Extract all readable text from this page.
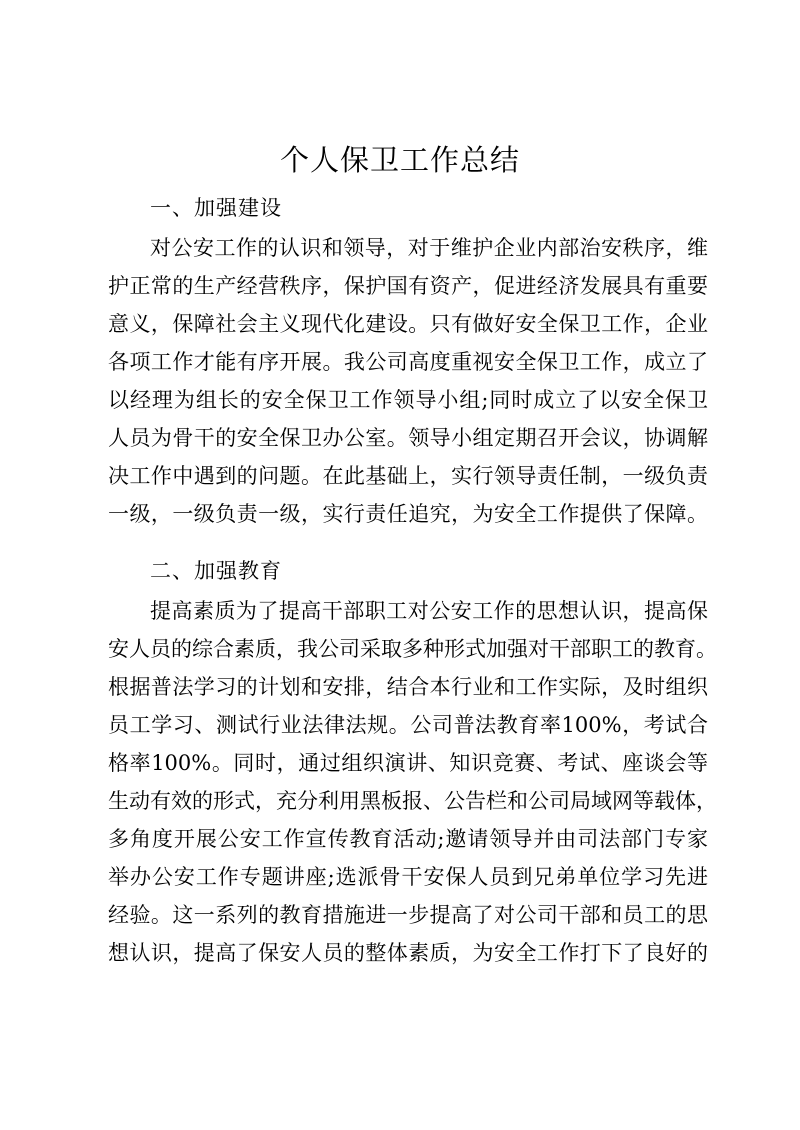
个人保卫工作总结
一、加强建设
对公安工作的认识和领导，对于维护企业内部治安秩序，维
护正常的生产经营秩序，保护国有资产，促进经济发展具有重要
意义，保障社会主义现代化建设。只有做好安全保卫工作，企业
各项工作才能有序开展。我公司高度重视安全保卫工作，成立了
以经理为组长的安全保卫工作领导小组;同时成立了以安全保卫
人员为骨干的安全保卫办公室。领导小组定期召开会议，协调解
决工作中遇到的问题。在此基础上，实行领导责任制，一级负责
一级，一级负责一级，实行责任追究，为安全工作提供了保障。
二、加强教育
提高素质为了提高干部职工对公安工作的思想认识，提高保
安人员的综合素质，我公司采取多种形式加强对干部职工的教育。
根据普法学习的计划和安排，结合本行业和工作实际，及时组织
员工学习、测试行业法律法规。公司普法教育率100%，考试合
格率100%。同时，通过组织演讲、知识竞赛、考试、座谈会等
生动有效的形式，充分利用黑板报、公告栏和公司局域网等载体，
多角度开展公安工作宣传教育活动;邀请领导并由司法部门专家
举办公安工作专题讲座;选派骨干安保人员到兄弟单位学习先进
经验。这一系列的教育措施进一步提高了对公司干部和员工的思
想认识，提高了保安人员的整体素质，为安全工作打下了良好的
